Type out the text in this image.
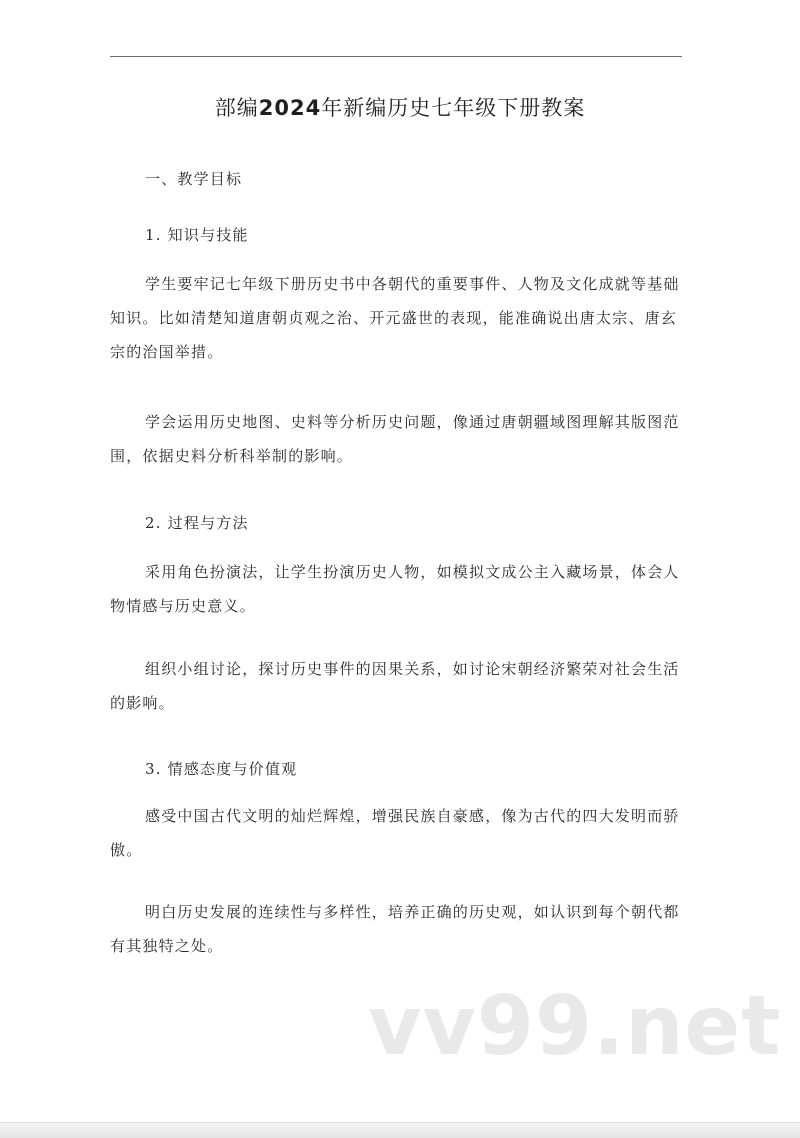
部编2024年新编历史七年级下册教案
一、教学目标
1. 知识与技能

学生要牢记七年级下册历史书中各朝代的重要事件、人物及文化成就等基础知识。比如清楚知道唐朝贞观之治、开元盛世的表现，能准确说出唐太宗、唐玄宗的治国举措。

学会运用历史地图、史料等分析历史问题，像通过唐朝疆域图理解其版图范围，依据史料分析科举制的影响。

2. 过程与方法

采用角色扮演法，让学生扮演历史人物，如模拟文成公主入藏场景，体会人物情感与历史意义。

组织小组讨论，探讨历史事件的因果关系，如讨论宋朝经济繁荣对社会生活的影响。

3. 情感态度与价值观

感受中国古代文明的灿烂辉煌，增强民族自豪感，像为古代的四大发明而骄傲。

明白历史发展的连续性与多样性，培养正确的历史观，如认识到每个朝代都有其独特之处。

vv99.net
